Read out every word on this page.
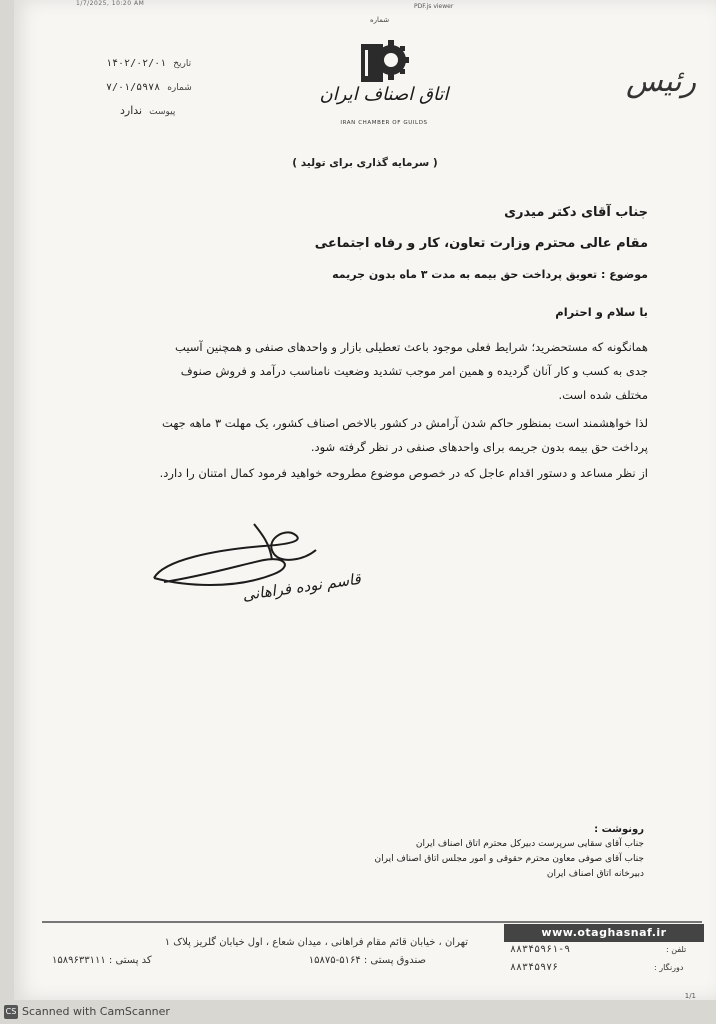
1/7/2025, 10:20 AM	PDF.js viewer
شماره
تاریخ  ۱۴۰۲/۰۲/۰۱
شماره  ۷/۰۱/۵۹۷۸
پیوست  ندارد
اتاق اصناف ایران
IRAN CHAMBER OF GUILDS
رئیس
( سرمایه گذاری برای تولید )
جناب آقای دکتر میدری
مقام عالی محترم وزارت تعاون، کار و رفاه اجتماعی
موضوع : تعویق پرداخت حق بیمه به مدت ۳ ماه بدون جریمه
با سلام و احترام
همانگونه که مستحضرید؛ شرایط فعلی موجود باعث تعطیلی بازار و واحدهای صنفی و همچنین آسیب
جدی به کسب و کار آنان گردیده و همین امر موجب تشدید وضعیت نامناسب درآمد و فروش صنوف
مختلف شده است.
لذا خواهشمند است بمنظور حاکم شدن آرامش در کشور بالاخص اصناف کشور، یک مهلت ۳ ماهه جهت
پرداخت حق بیمه بدون جریمه برای واحدهای صنفی در نظر گرفته شود.
از نظر مساعد و دستور اقدام عاجل که در خصوص موضوع مطروحه خواهید فرمود کمال امتنان را دارد.
قاسم نوده فراهانی
رونوشت :
جناب آقای سقایی سرپرست دبیرکل محترم اتاق اصناف ایران
جناب آقای صوفی معاون محترم حقوقی و امور مجلس اتاق اصناف ایران
دبیرخانه اتاق اصناف ایران
www.otaghasnaf.ir
تهران ، خیابان قائم مقام فراهانی ، میدان شعاع ، اول خیابان گلریز پلاک ۱
صندوق پستی : ۵۱۶۴-۱۵۸۷۵
کد پستی : ۱۵۸۹۶۳۳۱۱۱
تلفن :
۸۸۳۴۵۹۶۱-۹
دورنگار :
۸۸۳۴۵۹۷۶
1/1
CS Scanned with CamScanner
